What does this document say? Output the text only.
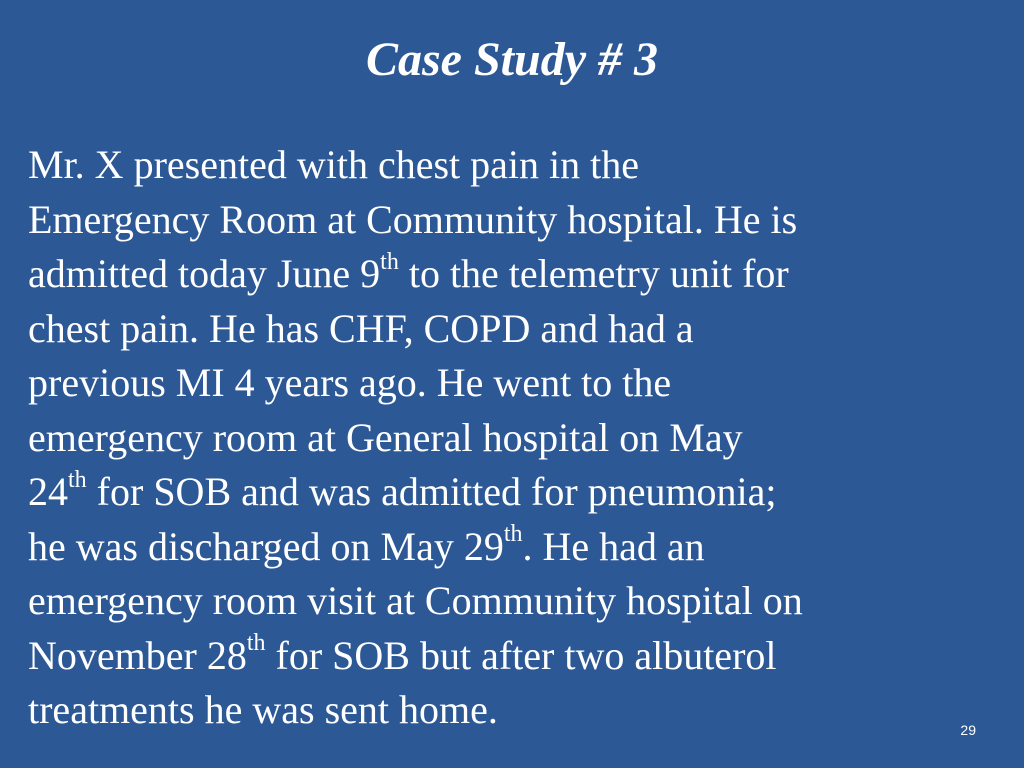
Case Study # 3
Mr. X presented with chest pain in the
Emergency Room at Community hospital. He is
admitted today June 9th to the telemetry unit for
chest pain. He has CHF, COPD and had a
previous MI 4 years ago. He went to the
emergency room at General hospital on May
24th for SOB and was admitted for pneumonia;
he was discharged on May 29th. He had an
emergency room visit at Community hospital on
November 28th for SOB but after two albuterol
treatments he was sent home.	29
